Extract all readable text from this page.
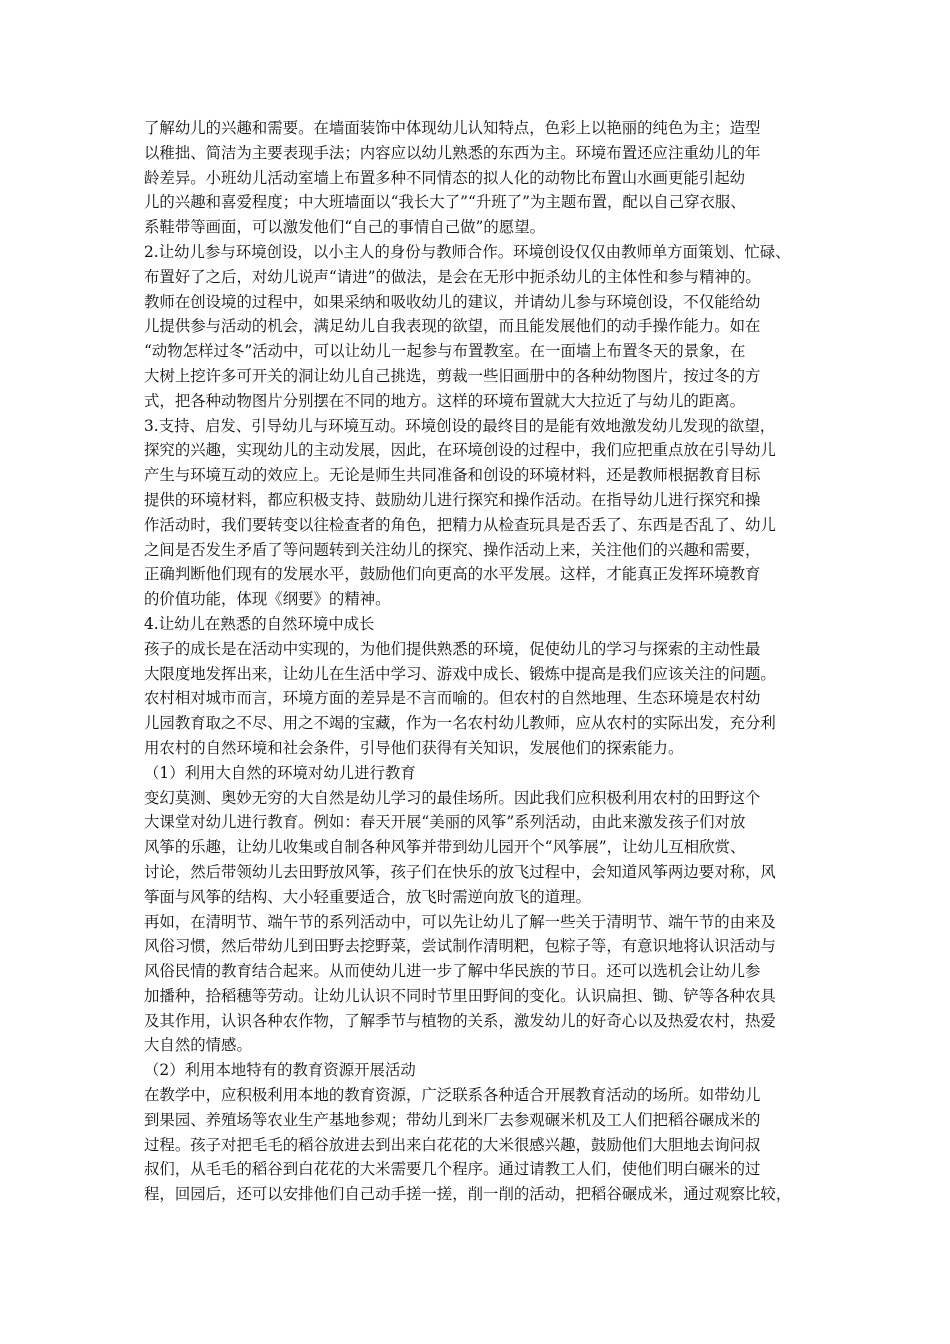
了解幼儿的兴趣和需要。在墙面装饰中体现幼儿认知特点，色彩上以艳丽的纯色为主；造型
以稚拙、简洁为主要表现手法；内容应以幼儿熟悉的东西为主。环境布置还应注重幼儿的年
龄差异。小班幼儿活动室墙上布置多种不同情态的拟人化的动物比布置山水画更能引起幼
儿的兴趣和喜爱程度；中大班墙面以“我长大了”“升班了”为主题布置，配以自己穿衣服、
系鞋带等画面，可以激发他们“自己的事情自己做”的愿望。
2.让幼儿参与环境创设，以小主人的身份与教师合作。环境创设仅仅由教师单方面策划、忙碌、
布置好了之后，对幼儿说声“请进”的做法，是会在无形中扼杀幼儿的主体性和参与精神的。
教师在创设境的过程中，如果采纳和吸收幼儿的建议，并请幼儿参与环境创设，不仅能给幼
儿提供参与活动的机会，满足幼儿自我表现的欲望，而且能发展他们的动手操作能力。如在
“动物怎样过冬”活动中，可以让幼儿一起参与布置教室。在一面墙上布置冬天的景象，在
大树上挖许多可开关的洞让幼儿自己挑选，剪裁一些旧画册中的各种幼物图片，按过冬的方
式，把各种动物图片分别摆在不同的地方。这样的环境布置就大大拉近了与幼儿的距离。
3.支持、启发、引导幼儿与环境互动。环境创设的最终目的是能有效地激发幼儿发现的欲望，
探究的兴趣，实现幼儿的主动发展，因此，在环境创设的过程中，我们应把重点放在引导幼儿
产生与环境互动的效应上。无论是师生共同准备和创设的环境材料，还是教师根据教育目标
提供的环境材料，都应积极支持、鼓励幼儿进行探究和操作活动。在指导幼儿进行探究和操
作活动时，我们要转变以往检查者的角色，把精力从检查玩具是否丢了、东西是否乱了、幼儿
之间是否发生矛盾了等问题转到关注幼儿的探究、操作活动上来，关注他们的兴趣和需要，
正确判断他们现有的发展水平，鼓励他们向更高的水平发展。这样，才能真正发挥环境教育
的价值功能，体现《纲要》的精神。
4.让幼儿在熟悉的自然环境中成长
孩子的成长是在活动中实现的，为他们提供熟悉的环境，促使幼儿的学习与探索的主动性最
大限度地发挥出来，让幼儿在生活中学习、游戏中成长、锻炼中提高是我们应该关注的问题。
农村相对城市而言，环境方面的差异是不言而喻的。但农村的自然地理、生态环境是农村幼
儿园教育取之不尽、用之不竭的宝藏，作为一名农村幼儿教师，应从农村的实际出发，充分利
用农村的自然环境和社会条件，引导他们获得有关知识，发展他们的探索能力。
（1）利用大自然的环境对幼儿进行教育
变幻莫测、奥妙无穷的大自然是幼儿学习的最佳场所。因此我们应积极利用农村的田野这个
大课堂对幼儿进行教育。例如：春天开展“美丽的风筝”系列活动，由此来激发孩子们对放
风筝的乐趣，让幼儿收集或自制各种风筝并带到幼儿园开个“风筝展”，让幼儿互相欣赏、
讨论，然后带领幼儿去田野放风筝，孩子们在快乐的放飞过程中，会知道风筝两边要对称，风
筝面与风筝的结构、大小轻重要适合，放飞时需逆向放飞的道理。
再如，在清明节、端午节的系列活动中，可以先让幼儿了解一些关于清明节、端午节的由来及
风俗习惯，然后带幼儿到田野去挖野菜，尝试制作清明粑，包粽子等，有意识地将认识活动与
风俗民情的教育结合起来。从而使幼儿进一步了解中华民族的节日。还可以选机会让幼儿参
加播种，拾稻穗等劳动。让幼儿认识不同时节里田野间的变化。认识扁担、锄、铲等各种农具
及其作用，认识各种农作物，了解季节与植物的关系，激发幼儿的好奇心以及热爱农村，热爱
大自然的情感。
（2）利用本地特有的教育资源开展活动
在教学中，应积极利用本地的教育资源，广泛联系各种适合开展教育活动的场所。如带幼儿
到果园、养殖场等农业生产基地参观；带幼儿到米厂去参观碾米机及工人们把稻谷碾成米的
过程。孩子对把毛毛的稻谷放进去到出来白花花的大米很感兴趣，鼓励他们大胆地去询问叔
叔们，从毛毛的稻谷到白花花的大米需要几个程序。通过请教工人们，使他们明白碾米的过
程，回园后，还可以安排他们自己动手搓一搓，削一削的活动，把稻谷碾成米，通过观察比较，
